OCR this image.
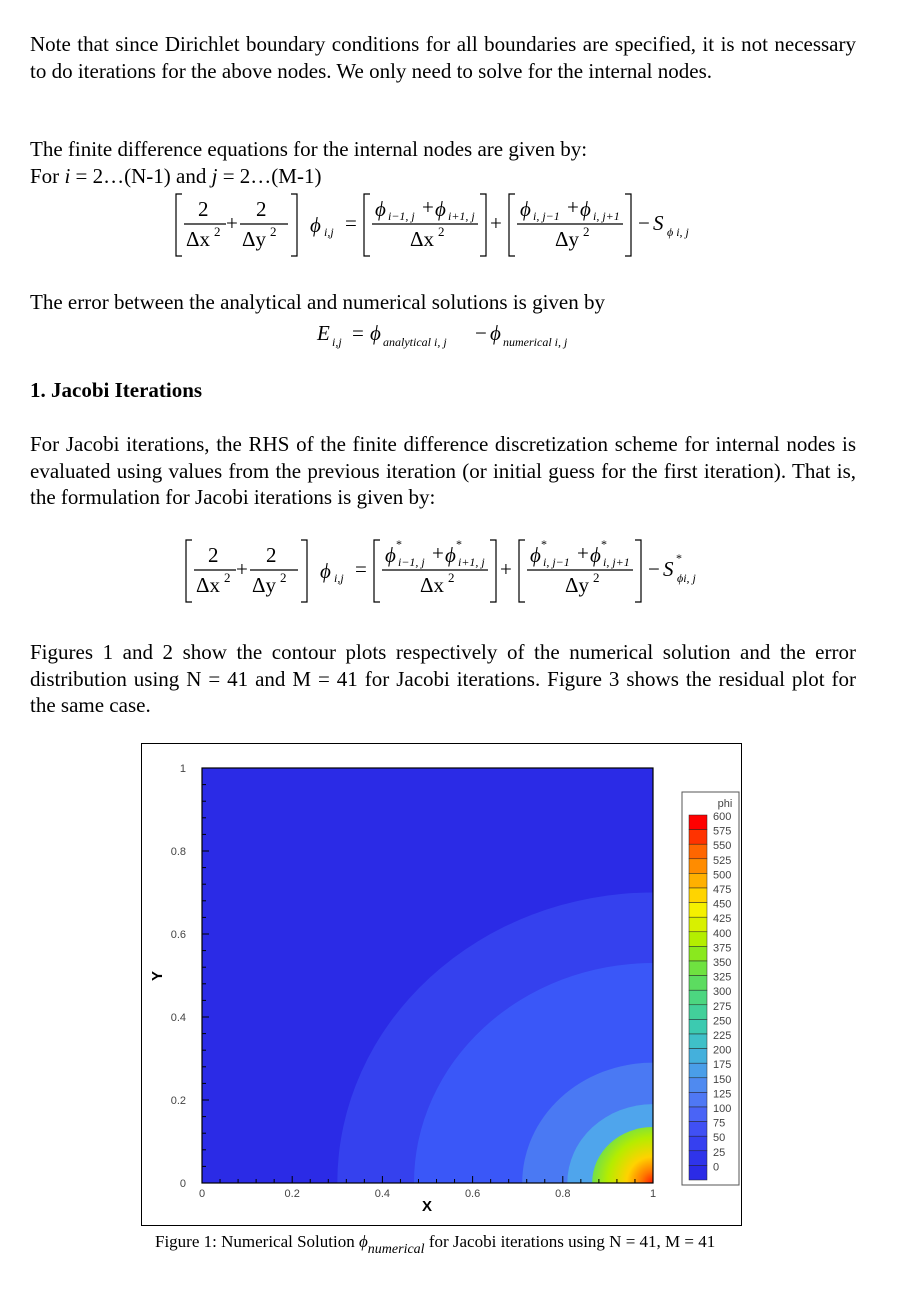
Note that since Dirichlet boundary conditions for all boundaries are specified, it is not necessary to do iterations for the above nodes. We only need to solve for the internal nodes.
The finite difference equations for the internal nodes are given by:
For i = 2…(N-1) and j = 2…(M-1)
2
Δx 2 +
2
Δy 2 ϕ i,j =
ϕ i−1, j + ϕ i+1, j
Δx 2 +
ϕ i, j−1 + ϕ i, j+1
Δy 2 − S ϕ i, j
The error between the analytical and numerical solutions is given by
E i,j = ϕ analytical i, j − ϕ numerical i, j
1. Jacobi Iterations
For Jacobi iterations, the RHS of the finite difference discretization scheme for internal nodes is evaluated using values from the previous iteration (or initial guess for the first iteration). That is, the formulation for Jacobi iterations is given by:
2
Δx 2 +
2
Δy 2 ϕ i,j =
ϕ *
i−1, j + ϕ *
i+1, j
Δx 2 +
ϕ *
i, j−1 + ϕ *
i, j+1
Δy 2 − S *
ϕi, j
Figures 1 and 2 show the contour plots respectively of the numerical solution and the error distribution using N = 41 and M = 41 for Jacobi iterations. Figure 3 shows the residual plot for the same case.
0	0.2	0.4	0.6	0.8	1
0
0.2
0.4
0.6
0.8
1
X
Y
phi
600
575
550
525
500
475
450
425
400
375
350
325
300
275
250
225
200
175
150
125
100
75
50
25
0
Figure 1: Numerical Solution $\phi_{numerical}$ for Jacobi iterations using N = 41, M = 41
